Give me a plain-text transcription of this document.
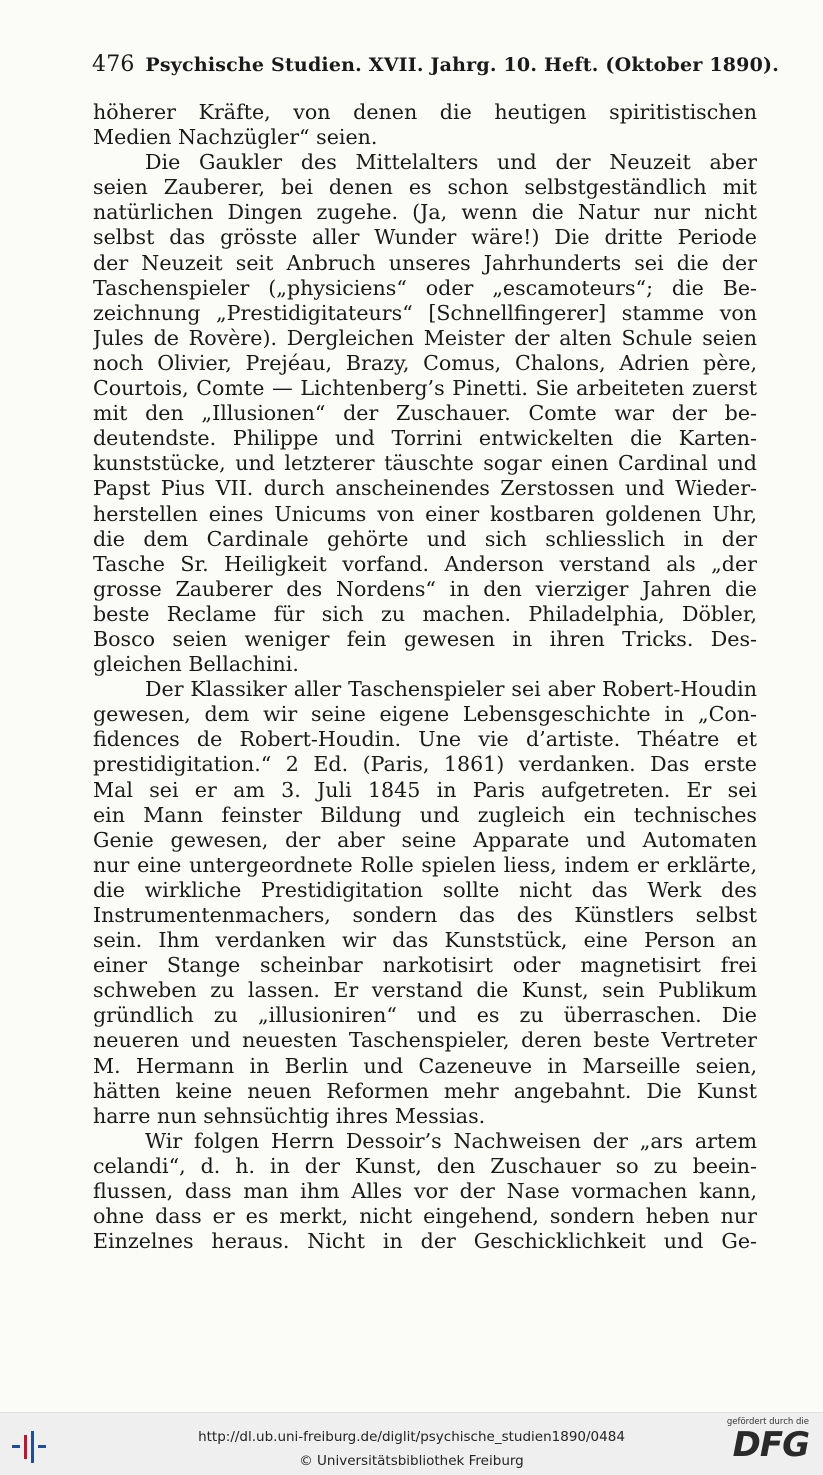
476 Psychische Studien. XVII. Jahrg. 10. Heft. (Oktober 1890).
höherer Kräfte, von denen die heutigen spiritistischen
Medien Nachzügler“ seien.
Die Gaukler des Mittelalters und der Neuzeit aber
seien Zauberer, bei denen es schon selbstgeständlich mit
natürlichen Dingen zugehe. (Ja, wenn die Natur nur nicht
selbst das grösste aller Wunder wäre!) Die dritte Periode
der Neuzeit seit Anbruch unseres Jahrhunderts sei die der
Taschenspieler („physiciens“ oder „escamoteurs“; die Be-
zeichnung „Prestidigitateurs“ [Schnellfingerer] stamme von
Jules de Rovère). Dergleichen Meister der alten Schule seien
noch Olivier, Prejéau, Brazy, Comus, Chalons, Adrien père,
Courtois, Comte — Lichtenberg’s Pinetti. Sie arbeiteten zuerst
mit den „Illusionen“ der Zuschauer. Comte war der be-
deutendste. Philippe und Torrini entwickelten die Karten-
kunststücke, und letzterer täuschte sogar einen Cardinal und
Papst Pius VII. durch anscheinendes Zerstossen und Wieder-
herstellen eines Unicums von einer kostbaren goldenen Uhr,
die dem Cardinale gehörte und sich schliesslich in der
Tasche Sr. Heiligkeit vorfand. Anderson verstand als „der
grosse Zauberer des Nordens“ in den vierziger Jahren die
beste Reclame für sich zu machen. Philadelphia, Döbler,
Bosco seien weniger fein gewesen in ihren Tricks. Des-
gleichen Bellachini.
Der Klassiker aller Taschenspieler sei aber Robert-Houdin
gewesen, dem wir seine eigene Lebensgeschichte in „Con-
fidences de Robert-Houdin. Une vie d’artiste. Théatre et
prestidigitation.“ 2 Ed. (Paris, 1861) verdanken. Das erste
Mal sei er am 3. Juli 1845 in Paris aufgetreten. Er sei
ein Mann feinster Bildung und zugleich ein technisches
Genie gewesen, der aber seine Apparate und Automaten
nur eine untergeordnete Rolle spielen liess, indem er erklärte,
die wirkliche Prestidigitation sollte nicht das Werk des
Instrumentenmachers, sondern das des Künstlers selbst
sein. Ihm verdanken wir das Kunststück, eine Person an
einer Stange scheinbar narkotisirt oder magnetisirt frei
schweben zu lassen. Er verstand die Kunst, sein Publikum
gründlich zu „illusioniren“ und es zu überraschen. Die
neueren und neuesten Taschenspieler, deren beste Vertreter
M. Hermann in Berlin und Cazeneuve in Marseille seien,
hätten keine neuen Reformen mehr angebahnt. Die Kunst
harre nun sehnsüchtig ihres Messias.
Wir folgen Herrn Dessoir’s Nachweisen der „ars artem
celandi“, d. h. in der Kunst, den Zuschauer so zu beein-
flussen, dass man ihm Alles vor der Nase vormachen kann,
ohne dass er es merkt, nicht eingehend, sondern heben nur
Einzelnes heraus. Nicht in der Geschicklichkeit und Ge-
http://dl.ub.uni-freiburg.de/diglit/psychische_studien1890/0484
© Universitätsbibliothek Freiburg
gefördert durch die
DFG
